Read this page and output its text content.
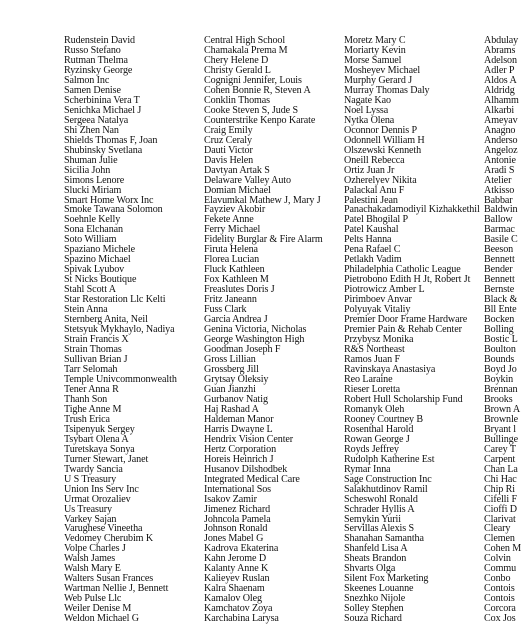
Rudenstein David
Russo Stefano
Rutman Thelma
Ryzinsky George
Salmon Inc
Samen Denise
Scherbinina Vera T
Senichka Michael J
Sergeea Natalya
Shi Zhen Nan
Shields Thomas F, Joan
Shubinsky Svetlana
Shuman Julie
Sicilia John
Simons Lenore
Slucki Miriam
Smart Home Worx Inc
Smoke Tawana Solomon
Soehnle Kelly
Sona Elchanan
Soto William
Spaziano Michele
Spazino Michael
Spivak Lyubov
St Nicks Boutique
Stahl Scott A
Star Restoration Llc Kelti
Stein Anna
Sternberg Anita, Neil
Stetsyuk Mykhaylo, Nadiya
Strain Francis X
Strain Thomas
Sullivan Brian J
Tarr Selomah
Temple Univcommonwealth
Tener Anna R
Thanh Son
Tighe Anne M
Trush Erica
Tsipenyuk Sergey
Tsybart Olena A
Turetskaya Sonya
Turner Stewart, Janet
Twardy Sancia
U S Treasury
Union Ins Serv Inc
Urmat Orozaliev
Us Treasury
Varkey Sajan
Varughese Vineetha
Vedomey Cherubim K
Volpe Charles J
Walsh James
Walsh Mary E
Walters Susan Frances
Wartman Nellie J, Bennett
Web Pulse Llc
Weiler Denise M
Weldon Michael G
Central High School
Chamakala Prema M
Chery Helene D
Christy Gerald L
Cognigni Jennifer, Louis
Cohen Bonnie R, Steven A
Conklin Thomas
Cooke Steven S, Jude S
Counterstrike Kenpo Karate
Craig Emily
Cruz Ceraly
Dauti Victor
Davis Helen
Davtyan Artak S
Delaware Valley Auto
Domian Michael
Elavumkal Mathew J, Mary J
Fayziev Akobir
Fekete Anne
Ferry Michael
Fidelity Burglar & Fire Alarm
Firuta Helena
Florea Lucian
Fluck Kathleen
Fox Kathleen M
Freaslutes Doris J
Fritz Janeann
Fuss Clark
Garcia Andrea J
Genina Victoria, Nicholas
George Washington High
Goodman Joseph F
Gross Lillian
Grossberg Jill
Grytsay Oleksiy
Guan Jianzhi
Gurbanov Natig
Haj Rashad A
Haldeman Manor
Harris Dwayne L
Hendrix Vision Center
Hertz Corporation
Horeis Heinrich J
Husanov Dilshodbek
Integrated Medical Care
International Sos
Isakov Zamir
Jimenez Richard
Johncola Pamela
Johnson Ronald
Jones Mabel G
Kadrova Ekaterina
Kahn Jerome D
Kalanty Anne K
Kalieyev Ruslan
Kalra Shaenam
Kamalov Oleg
Kamchatov Zoya
Karchabina Larysa
Moretz Mary C
Moriarty Kevin
Morse Samuel
Mosheyev Michael
Murphy Gerard J
Murray Thomas Daly
Nagate Kao
Noel Lyssa
Nytka Olena
Oconnor Dennis P
Odonnell William H
Olszewski Kenneth
Oneill Rebecca
Ortiz Juan Jr
Ozherelyev Nikita
Palackal Anu F
Palestini Jean
Panachakadamodiyil Kizhakkethil
Patel Bhogilal P
Patel Kaushal
Pelts Hanna
Pena Rafael C
Petlakh Vadim
Philadelphia Catholic League
Pietrobono Edith H Jt, Robert Jt
Piotrowicz Amber L
Pirimboev Anvar
Polyuyak Vitaliy
Premier Door Frame Hardware
Premier Pain & Rehab Center
Przybysz Monika
R&S Northeast
Ramos Juan F
Ravinskaya Anastasiya
Reo Laraine
Rieser Loretta
Robert Hull Scholarship Fund
Romanyk Oleh
Rooney Courtney B
Rosenthal Harold
Rowan George J
Royds Jeffrey
Rudolph Katherine Est
Rymar Inna
Sage Construction Inc
Salakhutdinov Ramil
Scheswohl Ronald
Schrader Hyllis A
Semykin Yurii
Servillas Alexis S
Shanahan Samantha
Shanfeld Lisa A
Sheats Brandon
Shvarts Olga
Silent Fox Marketing
Skeenes Louanne
Snezhko Nijole
Solley Stephen
Souza Richard
Abdulay
Abrams
Adelson
Adler P
Aldos A
Aldridg
Alhamm
Alkarbi
Ameyav
Anagno
Anderso
Angeloz
Antonie
Aradi S
Atelier
Atkisso
Babbar
Baldwin
Ballow
Barmac
Basile C
Beeson
Bennett
Bender
Bennett
Bernste
Black &
Bll Ente
Bocken
Bolling
Bostic L
Boulton
Bounds
Boyd Jo
Boykin
Brennan
Brooks
Brown A
Brownle
Bryant l
Bullinge
Carey T
Carpent
Chan La
Chi Hac
Chip Ri
Cifelli F
Cioffi D
Clarivat
Cleary
Clemen
Cohen M
Colvin
Commu
Conbo
Contois
Contois
Corcora
Cox Jos
